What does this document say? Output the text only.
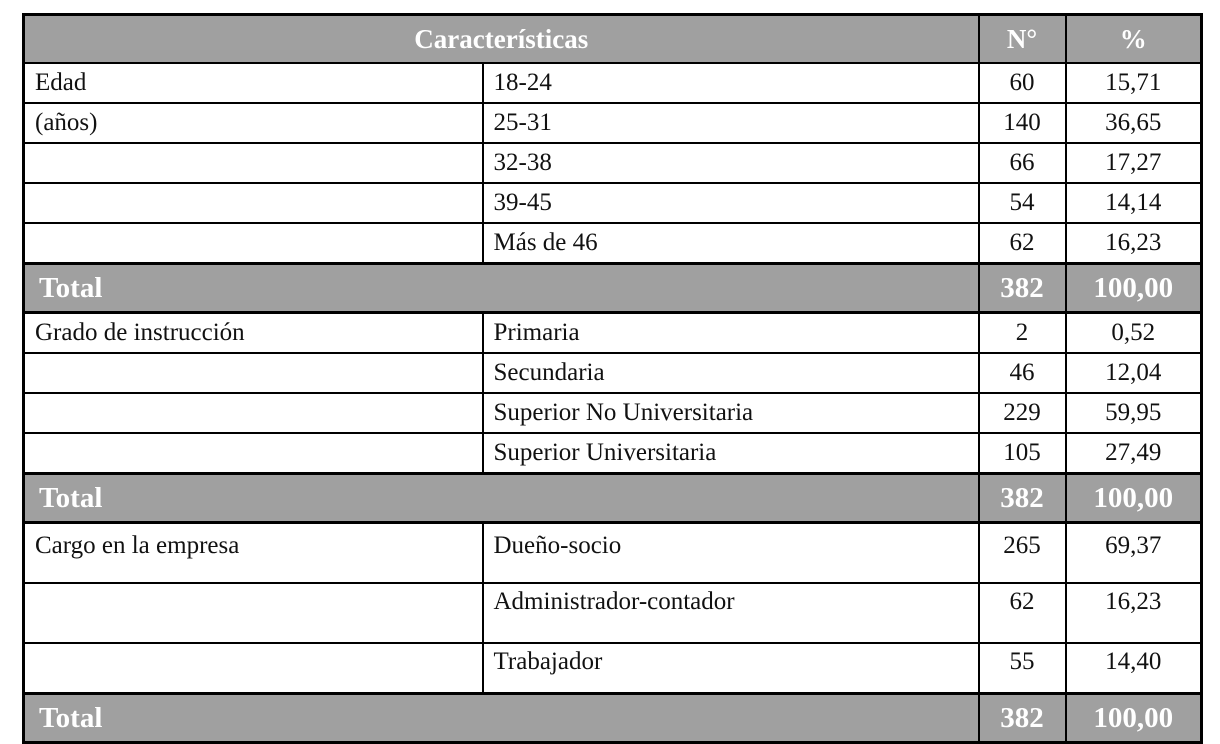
Características		N°	%
Edad	18-24	60	15,71
(años)	25-31	140	36,65
	32-38	66	17,27
	39-45	54	14,14
	Más de 46	62	16,23
Total		382	100,00
Grado de instrucción	Primaria	2	0,52
	Secundaria	46	12,04
	Superior No Universitaria	229	59,95
	Superior Universitaria	105	27,49
Total		382	100,00
Cargo en la empresa	Dueño-socio	265	69,37
	Administrador-contador	62	16,23
	Trabajador	55	14,40
Total		382	100,00
